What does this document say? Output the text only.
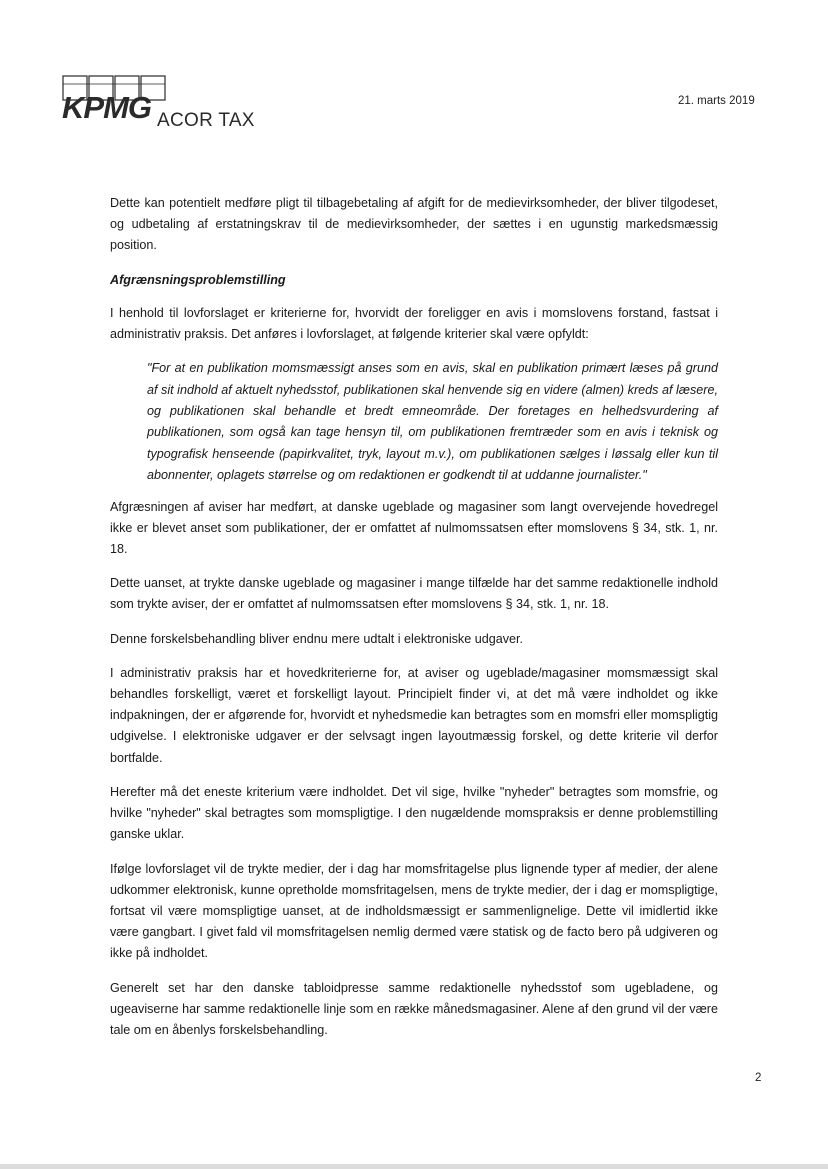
KPMG ACOR TAX
21. marts 2019

Dette kan potentielt medføre pligt til tilbagebetaling af afgift for de medievirksomheder, der bliver tilgodeset, og udbetaling af erstatningskrav til de medievirksomheder, der sættes i en ugunstig markedsmæssig position.

Afgrænsningsproblemstilling

I henhold til lovforslaget er kriterierne for, hvorvidt der foreligger en avis i momslovens forstand, fastsat i administrativ praksis. Det anføres i lovforslaget, at følgende kriterier skal være opfyldt:

"For at en publikation momsmæssigt anses som en avis, skal en publikation primært læses på grund af sit indhold af aktuelt nyhedsstof, publikationen skal henvende sig en videre (almen) kreds af læsere, og publikationen skal behandle et bredt emneområde. Der foretages en helhedsvurdering af publikationen, som også kan tage hensyn til, om publikationen fremtræder som en avis i teknisk og typografisk henseende (papirkvalitet, tryk, layout m.v.), om publikationen sælges i løssalg eller kun til abonnenter, oplagets størrelse og om redaktionen er godkendt til at uddanne journalister."

Afgræsningen af aviser har medført, at danske ugeblade og magasiner som langt overvejende hovedregel ikke er blevet anset som publikationer, der er omfattet af nulmomssatsen efter momslovens § 34, stk. 1, nr. 18.

Dette uanset, at trykte danske ugeblade og magasiner i mange tilfælde har det samme redaktionelle indhold som trykte aviser, der er omfattet af nulmomssatsen efter momslovens § 34, stk. 1, nr. 18.

Denne forskelsbehandling bliver endnu mere udtalt i elektroniske udgaver.

I administrativ praksis har et hovedkriterierne for, at aviser og ugeblade/magasiner momsmæssigt skal behandles forskelligt, været et forskelligt layout. Principielt finder vi, at det må være indholdet og ikke indpakningen, der er afgørende for, hvorvidt et nyhedsmedie kan betragtes som en momsfri eller momspligtig udgivelse. I elektroniske udgaver er der selvsagt ingen layoutmæssig forskel, og dette kriterie vil derfor bortfalde.

Herefter må det eneste kriterium være indholdet. Det vil sige, hvilke "nyheder" betragtes som momsfrie, og hvilke "nyheder" skal betragtes som momspligtige. I den nugældende momspraksis er denne problemstilling ganske uklar.

Ifølge lovforslaget vil de trykte medier, der i dag har momsfritagelse plus lignende typer af medier, der alene udkommer elektronisk, kunne opretholde momsfritagelsen, mens de trykte medier, der i dag er momspligtige, fortsat vil være momspligtige uanset, at de indholdsmæssigt er sammenlignelige. Dette vil imidlertid ikke være gangbart. I givet fald vil momsfritagelsen nemlig dermed være statisk og de facto bero på udgiveren og ikke på indholdet.

Generelt set har den danske tabloidpresse samme redaktionelle nyhedsstof som ugebladene, og ugeaviserne har samme redaktionelle linje som en række månedsmagasiner. Alene af den grund vil der være tale om en åbenlys forskelsbehandling.

2
